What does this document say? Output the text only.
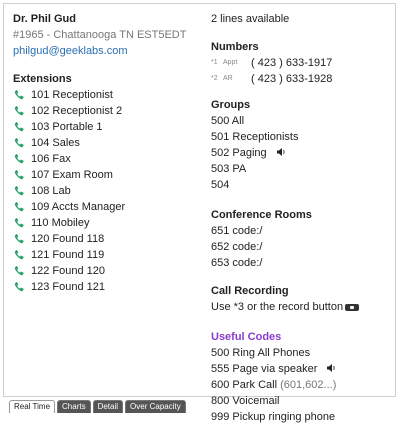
Dr. Phil Gud
#1965 - Chattanooga TN EST5EDT
philgud@geeklabs.com
Extensions
101 Receptionist
102 Receptionist 2
103 Portable 1
104 Sales
106 Fax
107 Exam Room
108 Lab
109 Accts Manager
110 Mobiley
120 Found 118
121 Found 119
122 Found 120
123 Found 121
2 lines available
Numbers
*1 Appt ( 423 ) 633-1917
*2 AR	( 423 ) 633-1928
Groups
500 All
501 Receptionists
502 Paging
503 PA
504
Conference Rooms
651 code:/
652 code:/
653 code:/
Call Recording
Use *3 or the record button
Useful Codes
500 Ring All Phones
555 Page via speaker
600 Park Call (601,602...)
800 Voicemail
999 Pickup ringing phone
Real Time	Charts	Detail	Over Capacity
